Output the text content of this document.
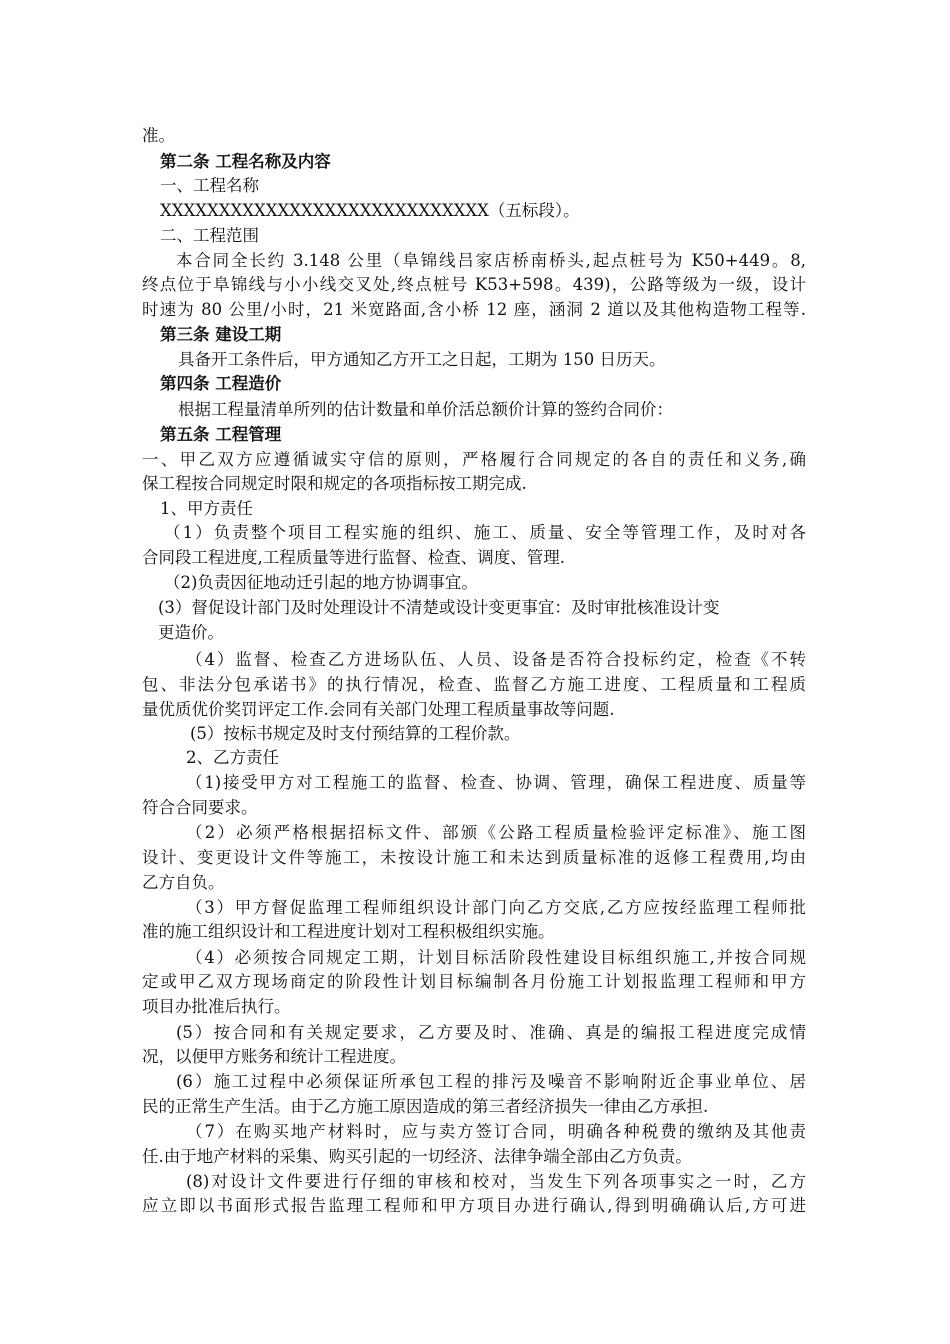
准。
第二条 工程名称及内容
一、工程名称
XXXXXXXXXXXXXXXXXXXXXXXXXXXX（五标段）。
二、工程范围
本合同全长约 3.148 公里（阜锦线吕家店桥南桥头,起点桩号为 K50+449。8,
终点位于阜锦线与小小线交叉处,终点桩号 K53+598。439)，公路等级为一级，设计
时速为 80 公里/小时，21 米宽路面,含小桥 12 座，涵洞 2 道以及其他构造物工程等.
第三条 建设工期
具备开工条件后，甲方通知乙方开工之日起，工期为 150 日历天。
第四条 工程造价
根据工程量清单所列的估计数量和单价活总额价计算的签约合同价：
第五条 工程管理
一、甲乙双方应遵循诚实守信的原则，严格履行合同规定的各自的责任和义务,确
保工程按合同规定时限和规定的各项指标按工期完成.
1、甲方责任
（1）负责整个项目工程实施的组织、施工、质量、安全等管理工作，及时对各
合同段工程进度,工程质量等进行监督、检查、调度、管理.
（2)负责因征地动迁引起的地方协调事宜。
(3）督促设计部门及时处理设计不清楚或设计变更事宜：及时审批核准设计变
更造价。
（4）监督、检查乙方进场队伍、人员、设备是否符合投标约定，检查《不转
包、非法分包承诺书》的执行情况，检查、监督乙方施工进度、工程质量和工程质
量优质优价奖罚评定工作.会同有关部门处理工程质量事故等问题.
(5）按标书规定及时支付预结算的工程价款。
2、乙方责任
（1)接受甲方对工程施工的监督、检查、协调、管理，确保工程进度、质量等
符合合同要求。
（2）必须严格根据招标文件、部颁《公路工程质量检验评定标准》、施工图
设计、变更设计文件等施工，未按设计施工和未达到质量标准的返修工程费用,均由
乙方自负。
（3）甲方督促监理工程师组织设计部门向乙方交底,乙方应按经监理工程师批
准的施工组织设计和工程进度计划对工程积极组织实施。
（4）必须按合同规定工期，计划目标活阶段性建设目标组织施工,并按合同规
定或甲乙双方现场商定的阶段性计划目标编制各月份施工计划报监理工程师和甲方
项目办批准后执行。
(5）按合同和有关规定要求，乙方要及时、准确、真是的编报工程进度完成情
况，以便甲方账务和统计工程进度。
(6）施工过程中必须保证所承包工程的排污及噪音不影响附近企事业单位、居
民的正常生产生活。由于乙方施工原因造成的第三者经济损失一律由乙方承担.
（7）在购买地产材料时，应与卖方签订合同，明确各种税费的缴纳及其他责
任.由于地产材料的采集、购买引起的一切经济、法律争端全部由乙方负责。
(8)对设计文件要进行仔细的审核和校对，当发生下列各项事实之一时，乙方
应立即以书面形式报告监理工程师和甲方项目办进行确认,得到明确确认后,方可进
